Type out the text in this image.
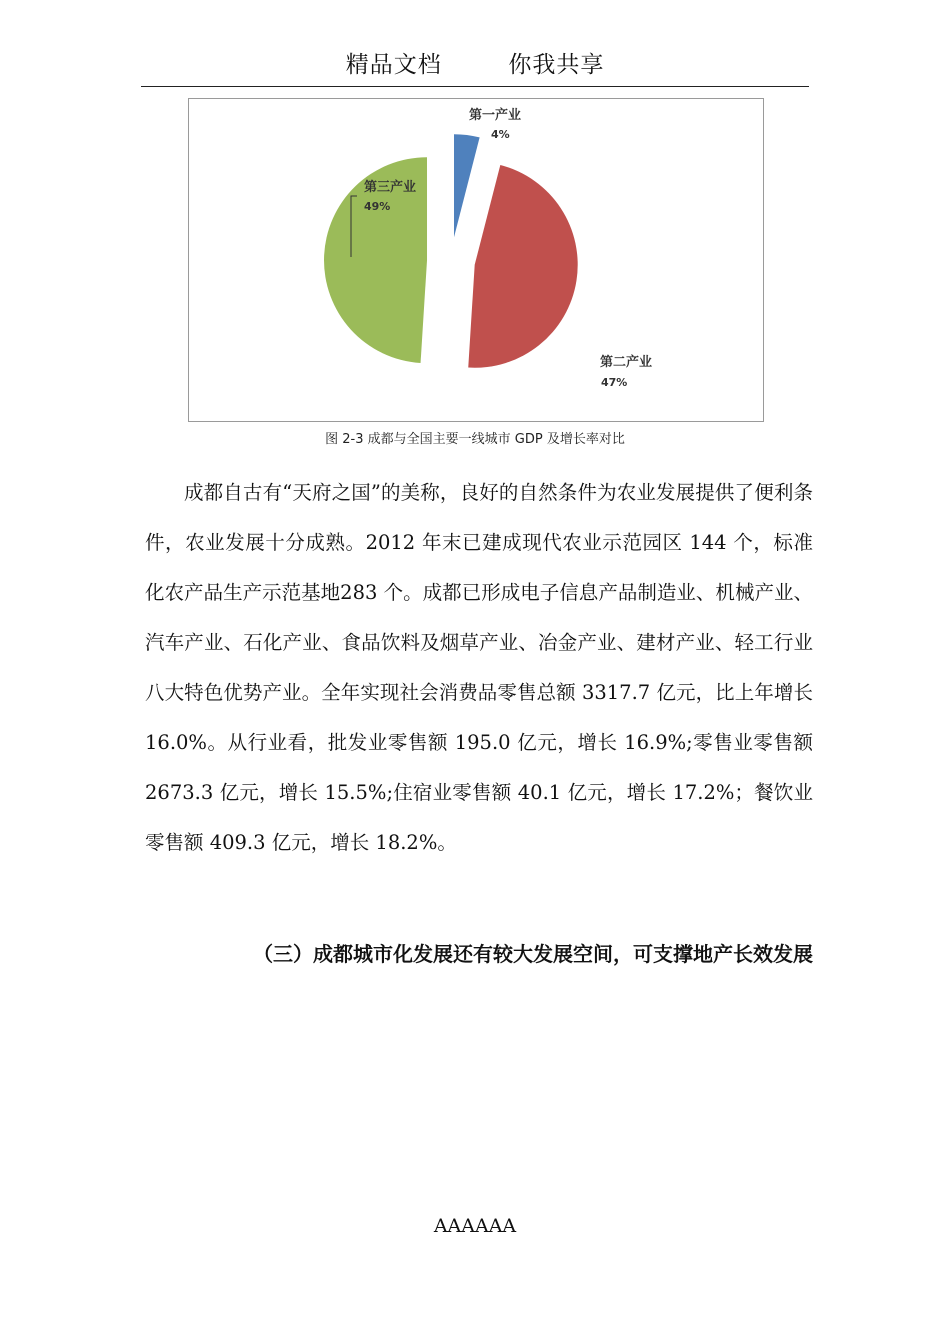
精品文档	你我共享
第一产业
4%
第二产业
47%
第三产业
49%
图 2-3 成都与全国主要一线城市 GDP 及增长率对比

成都自古有“天府之国”的美称，良好的自然条件为农业发展提供了便利条件，农业发展十分成熟。2012 年末已建成现代农业示范园区 144 个，标准化农产品生产示范基地283 个。成都已形成电子信息产品制造业、机械产业、汽车产业、石化产业、食品饮料及烟草产业、冶金产业、建材产业、轻工行业八大特色优势产业。全年实现社会消费品零售总额 3317.7 亿元，比上年增长 16.0%。从行业看，批发业零售额 195.0 亿元，增长 16.9%;零售业零售额 2673.3 亿元，增长 15.5%;住宿业零售额 40.1 亿元，增长 17.2%；餐饮业零售额 409.3 亿元，增长 18.2%。

（三）成都城市化发展还有较大发展空间，可支撑地产长效发展
AAAAAA
